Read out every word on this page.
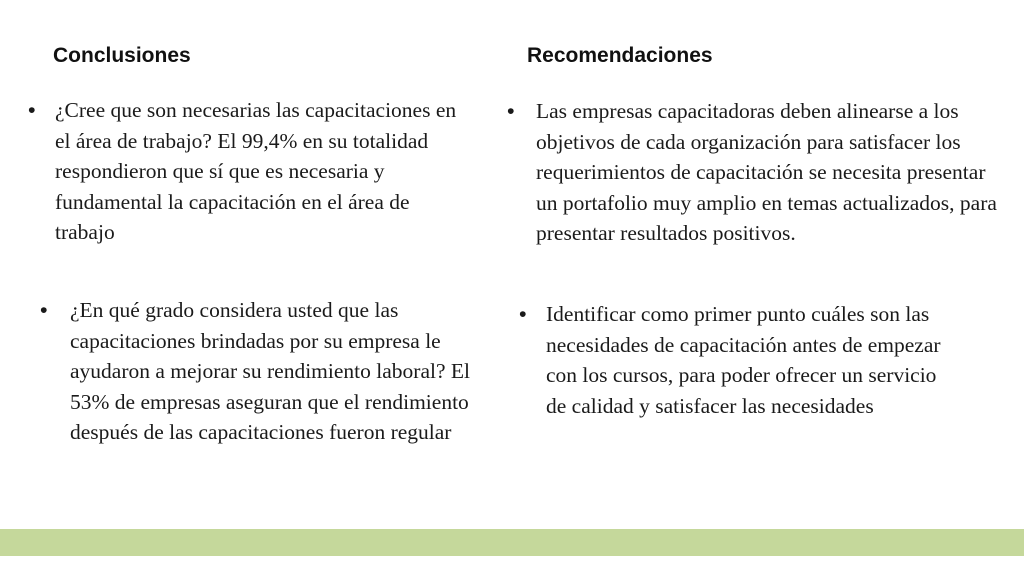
Conclusiones	Recomendaciones
• ¿Cree que son necesarias las capacitaciones en el área de trabajo? El 99,4% en su totalidad respondieron que sí que es necesaria y fundamental la capacitación en el área de trabajo
• ¿En qué grado considera usted que las capacitaciones brindadas por su empresa le ayudaron a mejorar su rendimiento laboral? El 53% de empresas aseguran que el rendimiento después de las capacitaciones fueron regular
• Las empresas capacitadoras deben alinearse a los objetivos de cada organización para satisfacer los requerimientos de capacitación se necesita presentar un portafolio muy amplio en temas actualizados, para presentar resultados positivos.
• Identificar como primer punto cuáles son las necesidades de capacitación antes de empezar con los cursos, para poder ofrecer un servicio de calidad y satisfacer las necesidades
